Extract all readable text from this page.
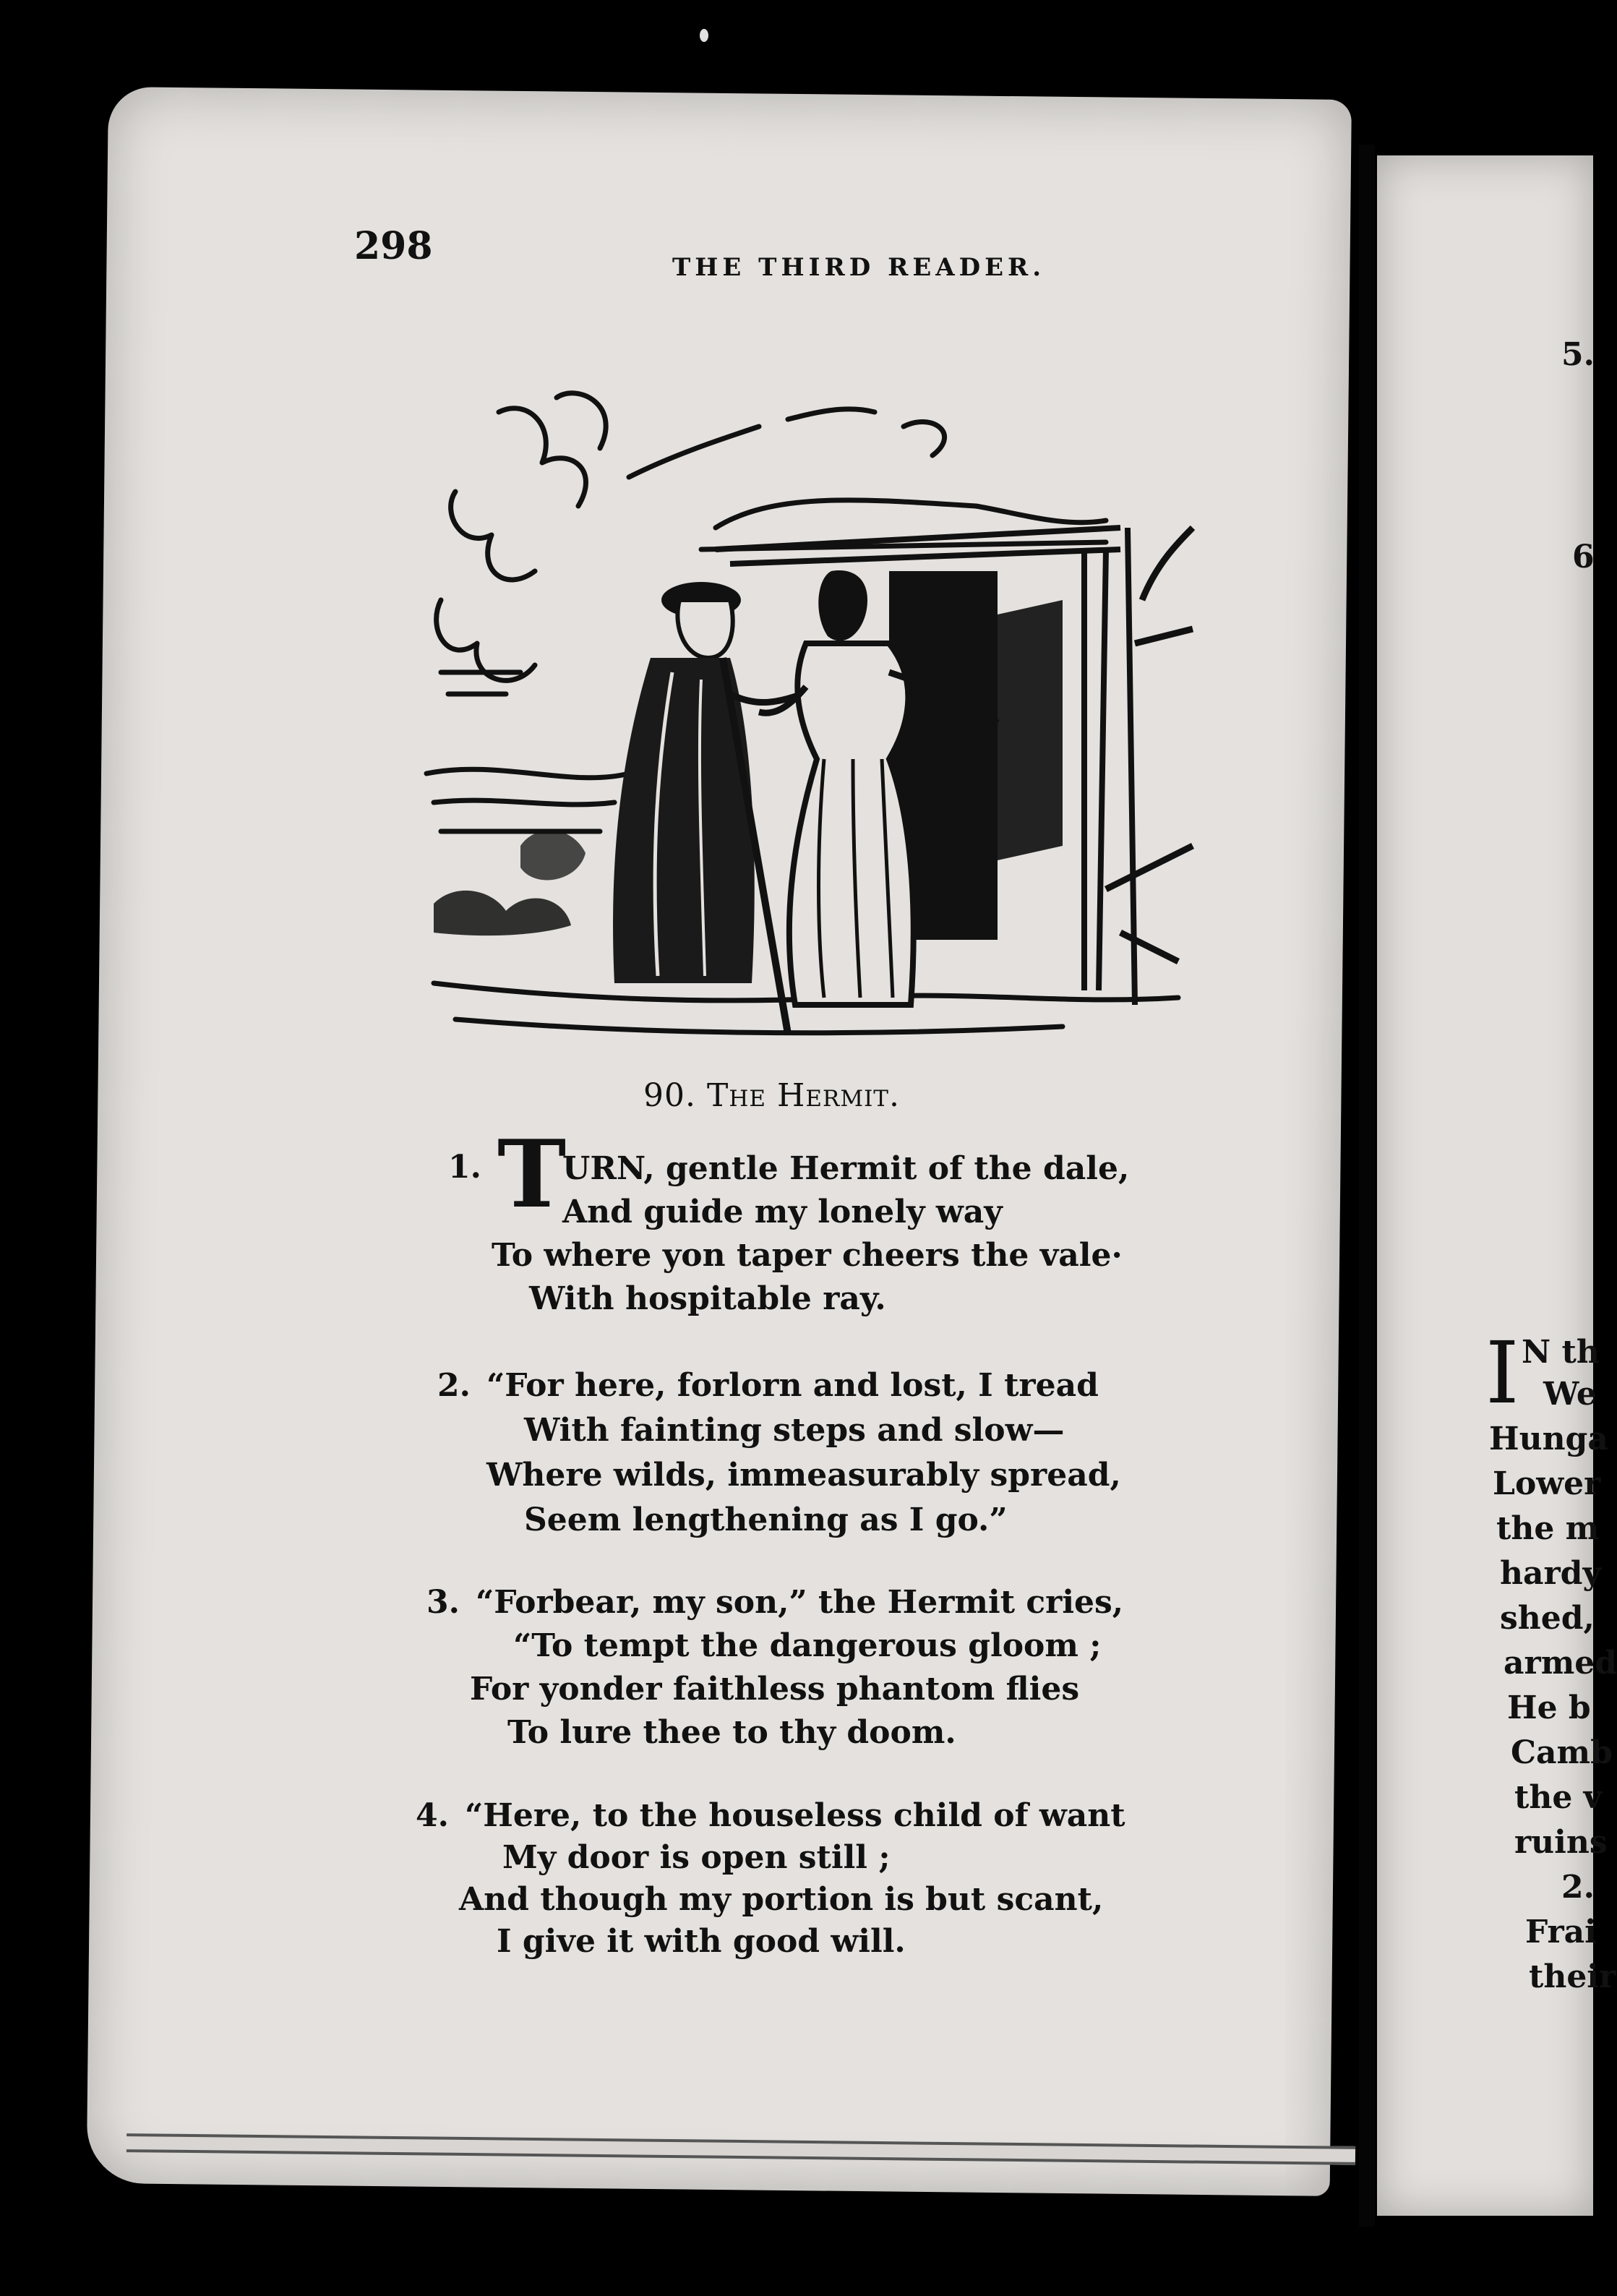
298	THE THIRD READER.
90. The Hermit.
1. T
URN, gentle Hermit of the dale,
And guide my lonely way
To where yon taper cheers the vale·
With hospitable ray.
2. “For here, forlorn and lost, I tread
With fainting steps and slow—
Where wilds, immeasurably spread,
Seem lengthening as I go.”
3. “Forbear, my son,” the Hermit cries,
“To tempt the dangerous gloom ;
For yonder faithless phantom flies
To lure thee to thy doom.
4. “Here, to the houseless child of want
My door is open still ;
And though my portion is but scant,
I give it with good will.
5.
6
I N th
We
Hunga
Lower
the m
hardy
shed,
armed
He b
Camb
the v
ruins
2.
Frai
their
